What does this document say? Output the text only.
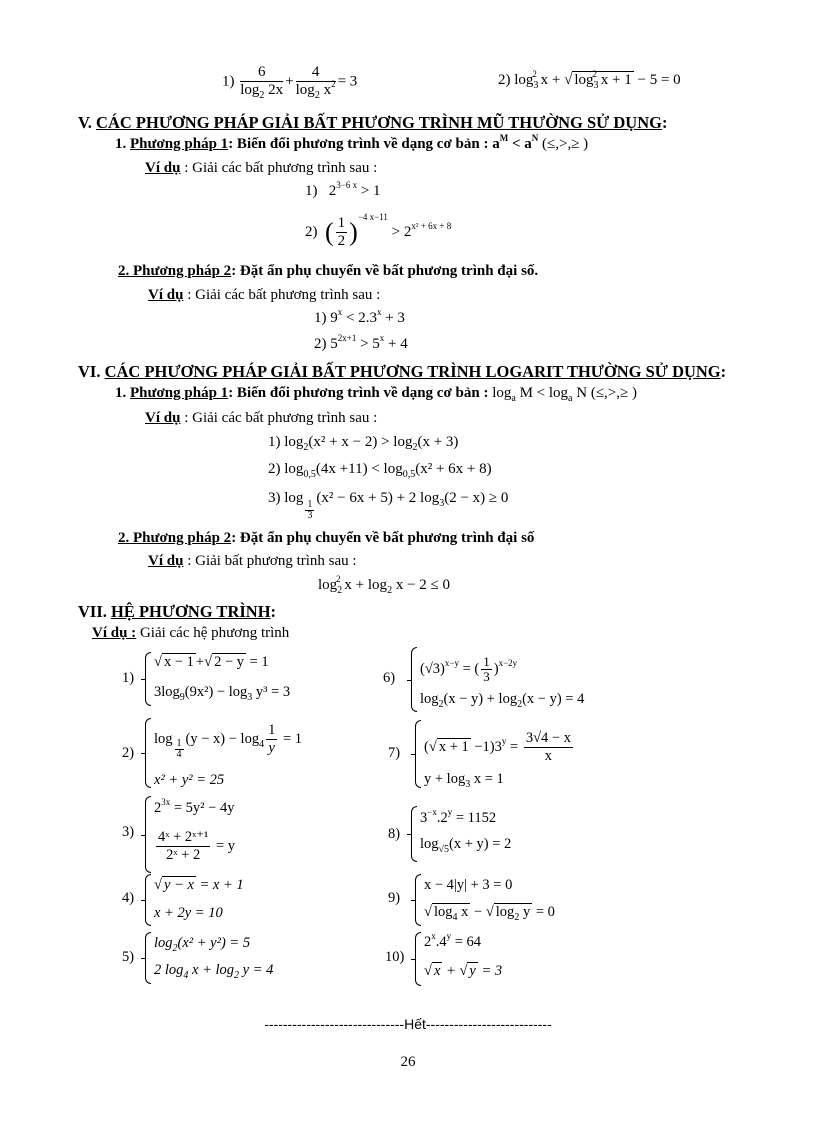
$1) \frac{6}{\log_2 2x} + \frac{4}{\log_2 x^2} = 3$	2) $\log_3^2 x$ + √ $\log_3^2 x + 1 - 5 = 0$
V. CÁC PHƯƠNG PHÁP GIẢI BẤT PHƯƠNG TRÌNH MŨ THƯỜNG SỬ DỤNG:
1. Phương pháp 1: Biến đổi phương trình về dạng cơ bản : $a^M < a^N$ (≤,>,≥ )
Ví dụ : Giải các bất phương trình sau :
1) $2^{3-6 x} > 1$
2) ( $\frac{1}{2} )^{-4 x-11} > 2^{x^2 + 6x + 8}$
2. Phương pháp 2: Đặt ẩn phụ chuyển về bất phương trình đại số.
Ví dụ : Giải các bất phương trình sau :
1) $9^x < 2.3^x + 3$
2) $5^{2x+1} > 5^x + 4$
VI. CÁC PHƯƠNG PHÁP GIẢI BẤT PHƯƠNG TRÌNH LOGARIT THƯỜNG SỬ DỤNG:
1. Phương pháp 1: Biến đổi phương trình về dạng cơ bản : $\log_a M < \log_a N$ (≤,>,≥ )
Ví dụ : Giải các bất phương trình sau :
1) $\log_2(x^2 + x - 2) > \log_2(x + 3)$
2) $\log_{0,5}(4x +11) < \log_{0,5}(x^2 + 6x + 8)$
3) log
$\frac{1}{3}$
(x² − 6x + 5) + 2 $\log_3(2 - x) \ge 0$
2. Phương pháp 2: Đặt ẩn phụ chuyển về bất phương trình đại số
Ví dụ : Giải bất phương trình sau :
$\log_2^2 x + \log_2 x - 2 \le 0$
VII. HỆ PHƯƠNG TRÌNH:
Ví dụ : Giải các hệ phương trình
1)
√ x − 1 +√ 2 − y = 1
$3\log_9(9x^2) - \log_3 y^3 = 3$
6)
$(√3)^{x-y}$ = ( $\frac{1}{3} )^{x-2y}$
$\log_2(x - y) + \log_2(x - y) = 4$
2)
log
$\frac{1}{4}$
$(y - x) - \log_4 \frac{1}{y} = 1$
x² + y² = 25
7) (√ $x + 1 -1)3^y = \frac{3√4 - x}{x}$
$y + \log_3 x = 1$
3)
$2^{3x} = 5y^2 - 4y$
$\frac{\text{4ˣ + 2ˣ⁺¹}}{\text{2ˣ + 2}} = y$
8)
$3^{-x}.2^y = 1152$
$\log_{√5}(x + y) = 2$
4)
√ y − x = x + 1
x + 2y = 10
9)
x − 4|y| + 3 = 0
√ $\log_4 x$ − √ $\log_2 y = 0$
5)
$\log_2(x^2 + y^2) = 5$
2 $\log_4 x + \log_2 y = 4$
10)
$2^x.4^y = 64$
√ x + √ y = 3
------------------------------Hết---------------------------
26
